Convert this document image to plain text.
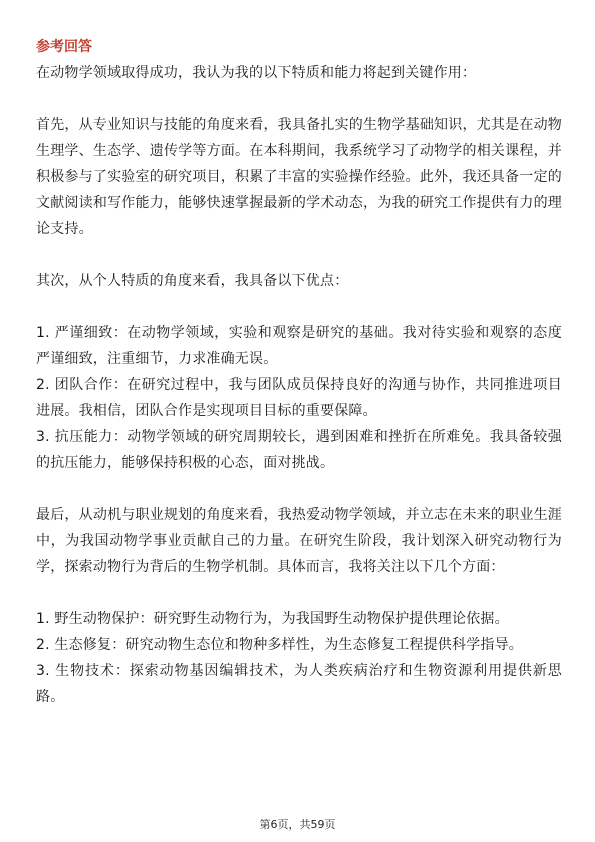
参考回答

在动物学领域取得成功，我认为我的以下特质和能力将起到关键作用：

首先，从专业知识与技能的角度来看，我具备扎实的生物学基础知识，尤其是在动物生理学、生态学、遗传学等方面。在本科期间，我系统学习了动物学的相关课程，并积极参与了实验室的研究项目，积累了丰富的实验操作经验。此外，我还具备一定的文献阅读和写作能力，能够快速掌握最新的学术动态，为我的研究工作提供有力的理论支持。

其次，从个人特质的角度来看，我具备以下优点：

1. 严谨细致：在动物学领域，实验和观察是研究的基础。我对待实验和观察的态度严谨细致，注重细节，力求准确无误。

2. 团队合作：在研究过程中，我与团队成员保持良好的沟通与协作，共同推进项目进展。我相信，团队合作是实现项目目标的重要保障。

3. 抗压能力：动物学领域的研究周期较长，遇到困难和挫折在所难免。我具备较强的抗压能力，能够保持积极的心态，面对挑战。

最后，从动机与职业规划的角度来看，我热爱动物学领域，并立志在未来的职业生涯中，为我国动物学事业贡献自己的力量。在研究生阶段，我计划深入研究动物行为学，探索动物行为背后的生物学机制。具体而言，我将关注以下几个方面：

1. 野生动物保护：研究野生动物行为，为我国野生动物保护提供理论依据。

2. 生态修复：研究动物生态位和物种多样性，为生态修复工程提供科学指导。

3. 生物技术：探索动物基因编辑技术，为人类疾病治疗和生物资源利用提供新思路。

第6页，共59页
